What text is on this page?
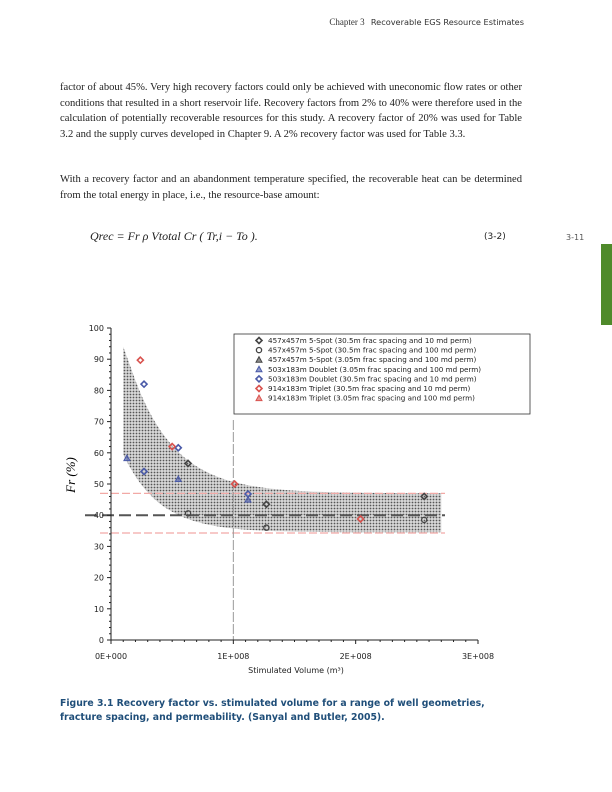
Chapter 3 Recoverable EGS Resource Estimates

factor of about 45%. Very high recovery factors could only be achieved with uneconomic flow rates or other conditions that resulted in a short reservoir life. Recovery factors from 2% to 40% were therefore used in the calculation of potentially recoverable resources for this study. A recovery factor of 20% was used for Table 3.2 and the supply curves developed in Chapter 9. A 2% recovery factor was used for Table 3.3.

With a recovery factor and an abandonment temperature specified, the recoverable heat can be determined from the total energy in place, i.e., the resource-base amount:

Qrec = Fr ρ Vtotal Cr ( Tr,i − To ).	(3-2)	3-11
0
10
20
30
40
50
60
70
80
90
100
0E+000	1E+008	2E+008	3E+008
457x457m 5-Spot (30.5m frac spacing and 10 md perm)
457x457m 5-Spot (30.5m frac spacing and 100 md perm)
457x457m 5-Spot (3.05m frac spacing and 100 md perm)
503x183m Doublet (3.05m frac spacing and 100 md perm)
503x183m Doublet (30.5m frac spacing and 10 md perm)
914x183m Triplet (30.5m frac spacing and 10 md perm)
914x183m Triplet (3.05m frac spacing and 100 md perm)
Stimulated Volume (m³)
Fr (%)
Figure 3.1 Recovery factor vs. stimulated volume for a range of well geometries, fracture spacing, and permeability. (Sanyal and Butler, 2005).
